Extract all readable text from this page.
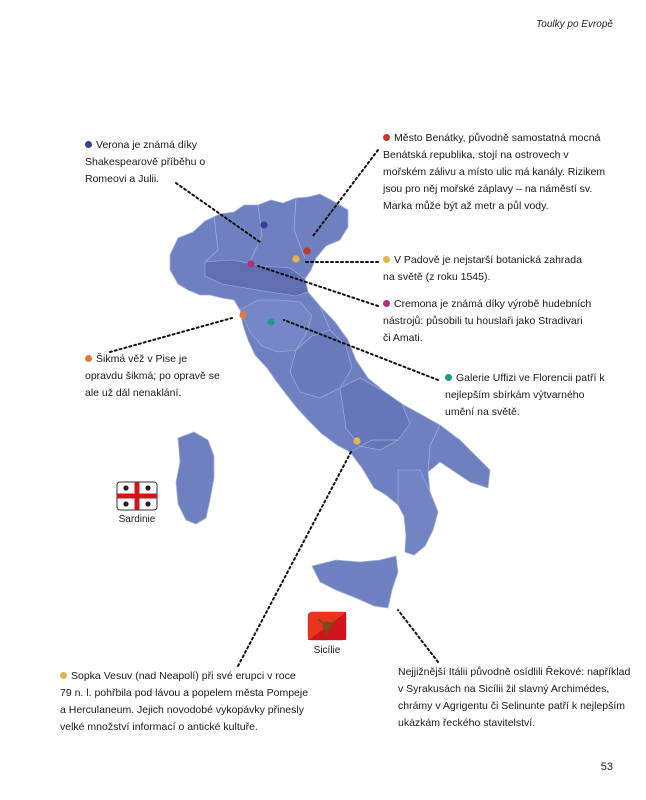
Toulky po Evropě
Verona je známá díky Shakespearově příběhu o Romeovi a Julii.
Město Benátky, původně samostatná mocná Benátská republika, stojí na ostrovech v mořském zálivu a místo ulic má kanály. Rizikem jsou pro něj mořské záplavy – na náměstí sv. Marka může být až metr a půl vody.
V Padově je nejstarší botanická zahrada na světě (z roku 1545).
Cremona je známá díky výrobě hudebních nástrojů: působili tu houslaři jako Stradivari či Amati.
Galerie Uffizi ve Florencii patří k nejlepším sbírkám výtvarného umění na světě.
Šikmá věž v Pise je opravdu šikmá; po opravě se ale už dál nenaklání.
Sopka Vesuv (nad Neapolí) při své erupci v roce 79 n. l. pohřbila pod lávou a popelem města Pompeje a Herculaneum. Jejich novodobé vykopávky přinesly velké množství informací o antické kultuře.
Nejjižnější Itálii původně osídlili Řekové: například v Syrakusách na Sicílii žil slavný Archimédes, chrámy v Agrigentu či Selinunte patří k nejlepším ukázkám řeckého stavitelství.
Sardinie
Sicílie
53
